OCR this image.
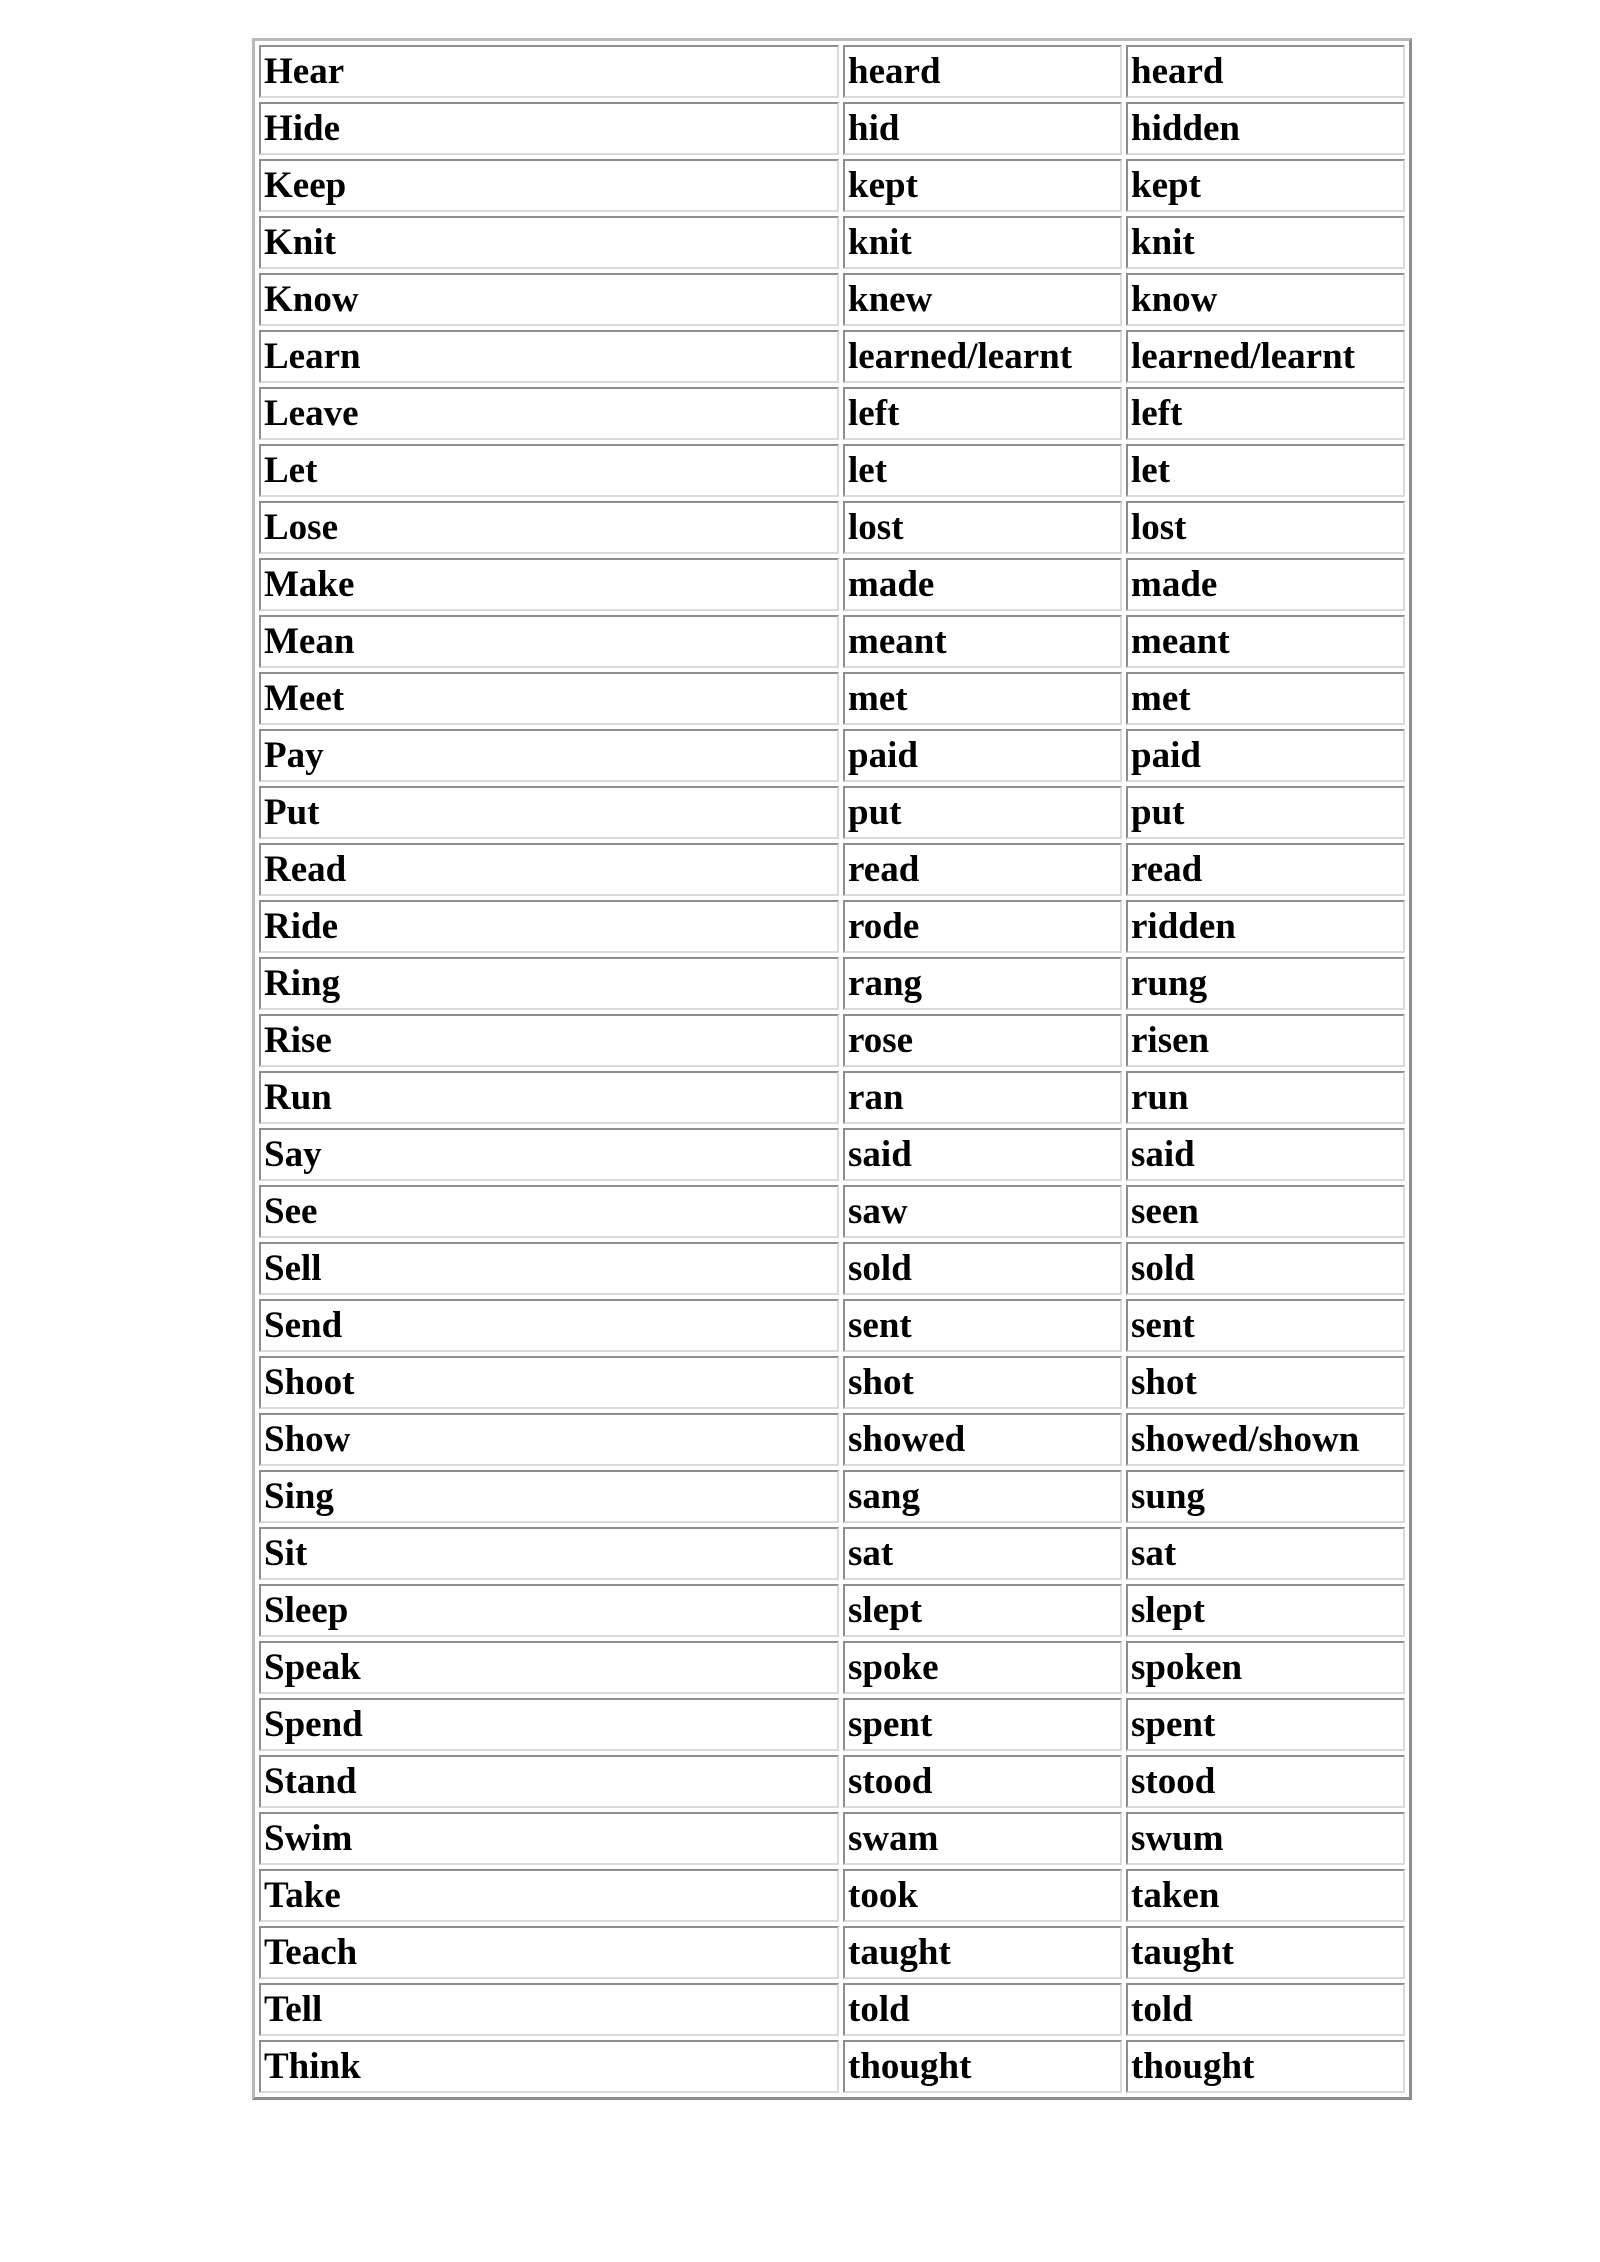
Hear	heard	heard
Hide	hid	hidden
Keep	kept	kept
Knit	knit	knit
Know	knew	know
Learn	learned/learnt	learned/learnt
Leave	left	left
Let	let	let
Lose	lost	lost
Make	made	made
Mean	meant	meant
Meet	met	met
Pay	paid	paid
Put	put	put
Read	read	read
Ride	rode	ridden
Ring	rang	rung
Rise	rose	risen
Run	ran	run
Say	said	said
See	saw	seen
Sell	sold	sold
Send	sent	sent
Shoot	shot	shot
Show	showed	showed/shown
Sing	sang	sung
Sit	sat	sat
Sleep	slept	slept
Speak	spoke	spoken
Spend	spent	spent
Stand	stood	stood
Swim	swam	swum
Take	took	taken
Teach	taught	taught
Tell	told	told
Think	thought	thought
